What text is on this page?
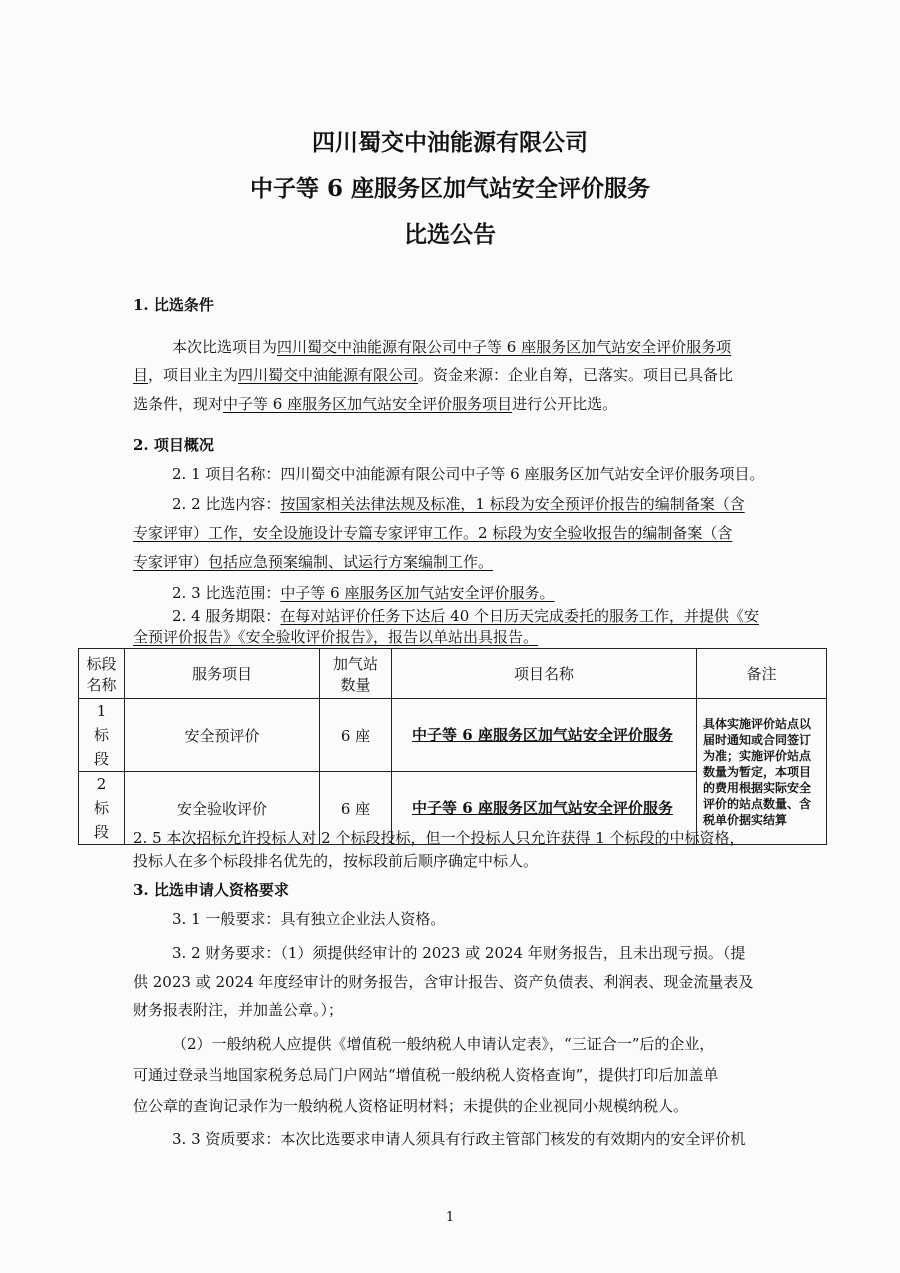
四川蜀交中油能源有限公司
中子等 6 座服务区加气站安全评价服务
比选公告

1. 比选条件

本次比选项目为四川蜀交中油能源有限公司中子等 6 座服务区加气站安全评价服务项

目，项目业主为四川蜀交中油能源有限公司。资金来源：企业自筹，已落实。项目已具备比

选条件，现对中子等 6 座服务区加气站安全评价服务项目进行公开比选。

2. 项目概况

2. 1 项目名称：四川蜀交中油能源有限公司中子等 6 座服务区加气站安全评价服务项目。

2. 2 比选内容：按国家相关法律法规及标准，1 标段为安全预评价报告的编制备案（含

专家评审）工作，安全设施设计专篇专家评审工作。2 标段为安全验收报告的编制备案（含

专家评审）包括应急预案编制、试运行方案编制工作。

2. 3 比选范围：中子等 6 座服务区加气站安全评价服务。

2. 4 服务期限：在每对站评价任务下达后 40 个日历天完成委托的服务工作，并提供《安

全预评价报告》《安全验收评价报告》，报告以单站出具报告。

标段名称	服务项目	加气站数量	项目名称	备注
1 标段	安全预评价	6 座	中子等 6 座服务区加气站安全评价服务	具体实施评价站点以届时通知或合同签订为准；实施评价站点数量为暂定，本项目的费用根据实际安全评价的站点数量、含税单价据实结算
2 标段	安全验收评价	6 座	中子等 6 座服务区加气站安全评价服务	

2. 5 本次招标允许投标人对 2 个标段投标，但一个投标人只允许获得 1 个标段的中标资格，

投标人在多个标段排名优先的，按标段前后顺序确定中标人。

3. 比选申请人资格要求

3. 1 一般要求：具有独立企业法人资格。

3. 2 财务要求：（1）须提供经审计的 2023 或 2024 年财务报告，且未出现亏损。（提

供 2023 或 2024 年度经审计的财务报告，含审计报告、资产负债表、利润表、现金流量表及

财务报表附注，并加盖公章。）；

（2）一般纳税人应提供《增值税一般纳税人申请认定表》，“三证合一”后的企业，

可通过登录当地国家税务总局门户网站“增值税一般纳税人资格查询”，提供打印后加盖单

位公章的查询记录作为一般纳税人资格证明材料；未提供的企业视同小规模纳税人。

3. 3 资质要求：本次比选要求申请人须具有行政主管部门核发的有效期内的安全评价机

1
